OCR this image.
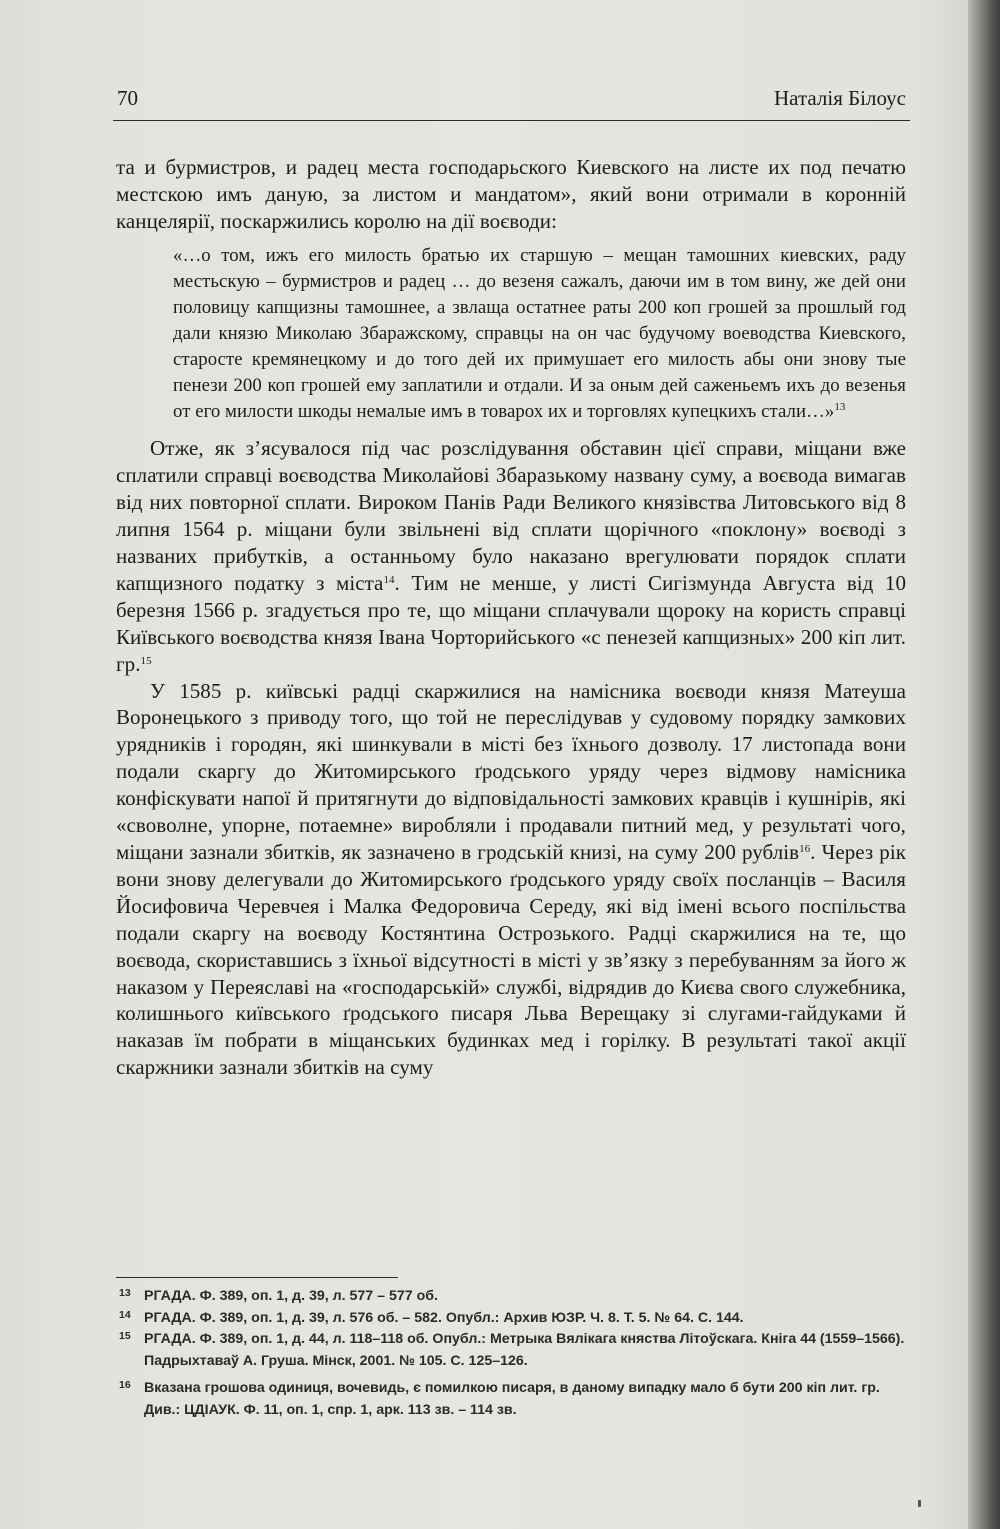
70	Наталія Білоус

та и бурмистров, и радец места господарьского Киевского на листе их под печатю местскою имъ даную, за листом и мандатом», який вони отримали в коронній канцелярії, поскаржились королю на дії воєводи:

«…о том, ижъ его милость братью их старшую – мещан тамошних киевских, раду местьскую – бурмистров и радец … до везеня сажалъ, даючи им в том вину, же дей они половицу капщизны тамошнее, а звлаща остатнее раты 200 коп грошей за прошлый год дали князю Миколаю Збаражскому, справцы на он час будучому воеводства Киевского, старосте кремянецкому и до того дей их примушает его милость абы они знову тые пенези 200 коп грошей ему заплатили и отдали. И за оным дей саженьемъ ихъ до везенья от его милости шкоды немалые имъ в товарох их и торговлях купецкихъ стали…»$^{13}$

Отже, як з’ясувалося під час розслідування обставин цієї справи, міщани вже сплатили справці воєводства Миколайові Збаразькому названу суму, а воєвода вимагав від них повторної сплати. Вироком Панів Ради Великого князівства Литовського від 8 липня 1564 р. міщани були звільнені від сплати щорічного «поклону» воєводі з названих прибутків, а останньому було наказано врегулювати порядок сплати капщизного податку з міста$^{14}$. Тим не менше, у листі Сигізмунда Августа від 10 березня 1566 р. згадується про те, що міщани сплачували щороку на користь справці Київського воєводства князя Івана Чорторийського «с пенезей капщизных» 200 кіп лит. гр.$^{15}$

У 1585 р. київські радці скаржилися на намісника воєводи князя Матеуша Воронецького з приводу того, що той не переслідував у судовому порядку замкових урядників і городян, які шинкували в місті без їхнього дозволу. 17 листопада вони подали скаргу до Житомирського ґродського уряду через відмову намісника конфіскувати напої й притягнути до відповідальності замкових кравців і кушнірів, які «своволне, упорне, потаемне» виробляли і продавали питний мед, у результаті чого, міщани зазнали збитків, як зазначено в гродській книзі, на суму 200 рублів$^{16}$. Через рік вони знову делегували до Житомирського ґродського уряду своїх посланців – Василя Йосифовича Черевчея і Малка Федоровича Середу, які від імені всього поспільства подали скаргу на воєводу Костянтина Острозького. Радці скаржилися на те, що воєвода, скориставшись з їхньої відсутності в місті у зв’язку з перебуванням за його ж наказом у Переяславі на «господарській» службі, відрядив до Києва свого служебника, колишнього київського ґродського писаря Льва Верещаку зі слугами-гайдуками й наказав їм побрати в міщанських будинках мед і горілку. В результаті такої акції скаржники зазнали збитків на суму

13 РГАДА. Ф. 389, оп. 1, д. 39, л. 577 – 577 об.
14 РГАДА. Ф. 389, оп. 1, д. 39, л. 576 об. – 582. Опубл.: Архив ЮЗР. Ч. 8. Т. 5. № 64. С. 144.
15 РГАДА. Ф. 389, оп. 1, д. 44, л. 118–118 об. Опубл.: Метрыка Вялікага княства Літоўскага. Кніга 44 (1559–1566). Падрыхтаваў А. Груша. Мінск, 2001. № 105. С. 125–126.
16 Вказана грошова одиниця, вочевидь, є помилкою писаря, в даному випадку мало б бути 200 кіп лит. гр. Див.: ЦДІАУК. Ф. 11, оп. 1, спр. 1, арк. 113 зв. – 114 зв.
